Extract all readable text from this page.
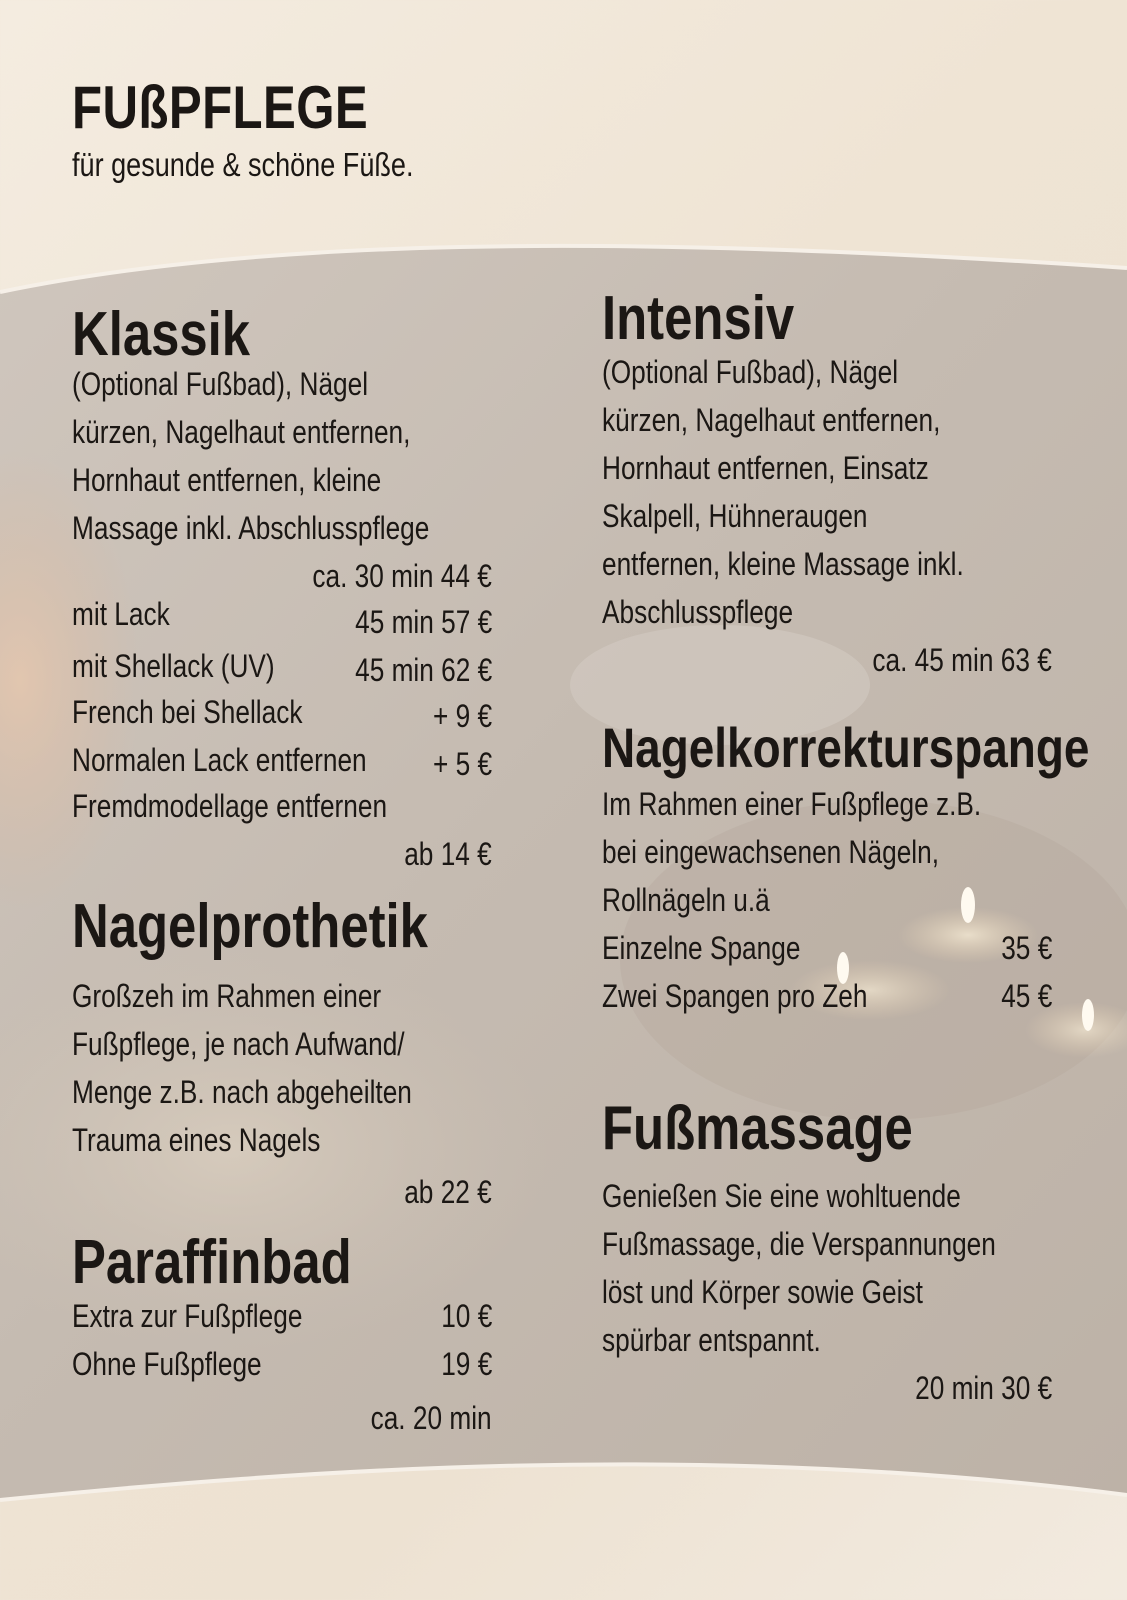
FUßPFLEGE
für gesunde & schöne Füße.
Klassik
(Optional Fußbad), Nägel
kürzen, Nagelhaut entfernen,
Hornhaut entfernen, kleine
Massage inkl. Abschlusspflege
ca. 30 min 44 €
mit Lack	45 min 57 €
mit Shellack (UV)	45 min 62 €
French bei Shellack	+ 9 €
Normalen Lack entfernen + 5 €
Fremdmodellage entfernen
ab 14 €
Nagelprothetik
Großzeh im Rahmen einer
Fußpflege, je nach Aufwand/
Menge z.B. nach abgeheilten
Trauma eines Nagels
ab 22 €
Paraffinbad
Extra zur Fußpflege	10 €
Ohne Fußpflege	19 €
ca. 20 min
Intensiv
(Optional Fußbad), Nägel
kürzen, Nagelhaut entfernen,
Hornhaut entfernen, Einsatz
Skalpell, Hühneraugen
entfernen, kleine Massage inkl.
Abschlusspflege
ca. 45 min 63 €
Nagelkorrekturspange
Im Rahmen einer Fußpflege z.B.
bei eingewachsenen Nägeln,
Rollnägeln u.ä
Einzelne Spange	35 €
Zwei Spangen pro Zeh	45 €
Fußmassage
Genießen Sie eine wohltuende
Fußmassage, die Verspannungen
löst und Körper sowie Geist
spürbar entspannt.
20 min 30 €
